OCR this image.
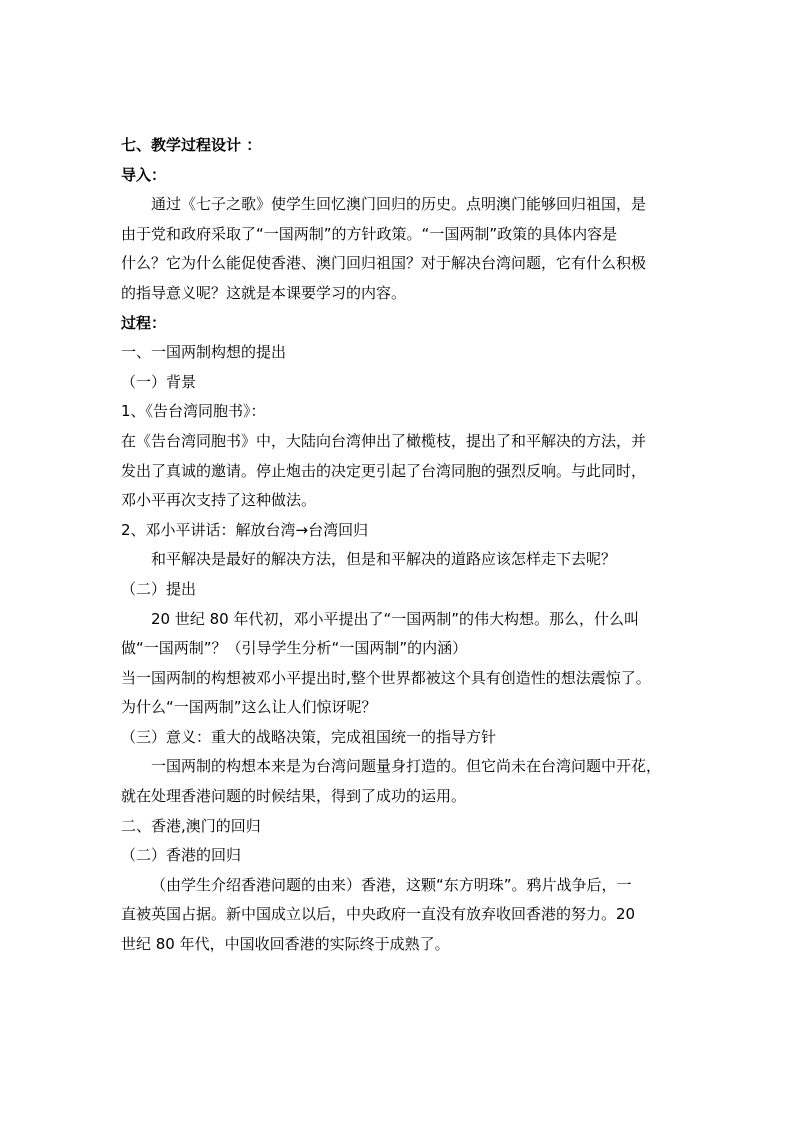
七、教学过程设计 ：
导入：
通过《七子之歌》使学生回忆澳门回归的历史。点明澳门能够回归祖国，是
由于党和政府采取了“一国两制”的方针政策。“一国两制”政策的具体内容是
什么？它为什么能促使香港、澳门回归祖国？对于解决台湾问题，它有什么积极
的指导意义呢？这就是本课要学习的内容。
过程：
一、一国两制构想的提出
（一）背景
1、《告台湾同胞书》：
在《告台湾同胞书》中，大陆向台湾伸出了橄榄枝，提出了和平解决的方法，并
发出了真诚的邀请。停止炮击的决定更引起了台湾同胞的强烈反响。与此同时，
邓小平再次支持了这种做法。
2、邓小平讲话：解放台湾→台湾回归
和平解决是最好的解决方法，但是和平解决的道路应该怎样走下去呢？
（二）提出
20 世纪 80 年代初，邓小平提出了“一国两制”的伟大构想。那么，什么叫
做“一国两制”？（引导学生分析“一国两制”的内涵）
当一国两制的构想被邓小平提出时,整个世界都被这个具有创造性的想法震惊了。
为什么“一国两制”这么让人们惊讶呢？
（三）意义：重大的战略决策，完成祖国统一的指导方针
一国两制的构想本来是为台湾问题量身打造的。但它尚未在台湾问题中开花，
就在处理香港问题的时候结果，得到了成功的运用。
二、香港,澳门的回归
（二）香港的回归
（由学生介绍香港问题的由来）香港，这颗“东方明珠”。鸦片战争后，一
直被英国占据。新中国成立以后，中央政府一直没有放弃收回香港的努力。20
世纪 80 年代，中国收回香港的实际终于成熟了。
